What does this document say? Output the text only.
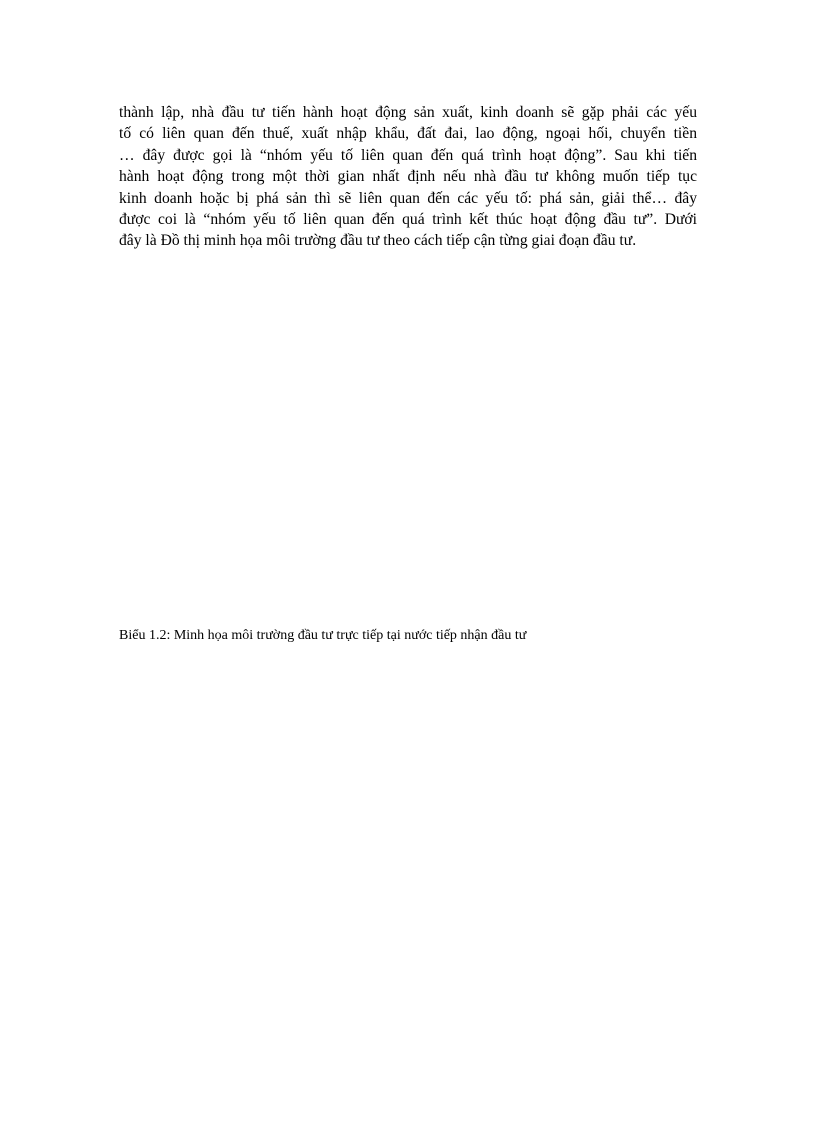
thành lập, nhà đầu tư tiến hành hoạt động sản xuất, kinh doanh sẽ gặp phải các yếu
tố có liên quan đến thuế, xuất nhập khẩu, đất đai, lao động, ngoại hối, chuyển tiền
… đây được gọi là “nhóm yếu tố liên quan đến quá trình hoạt động”. Sau khi tiến
hành hoạt động trong một thời gian nhất định nếu nhà đầu tư không muốn tiếp tục
kinh doanh hoặc bị phá sản thì sẽ liên quan đến các yếu tố: phá sản, giải thể… đây
được coi là “nhóm yếu tố liên quan đến quá trình kết thúc hoạt động đầu tư”. Dưới
đây là Đồ thị minh họa môi trường đầu tư theo cách tiếp cận từng giai đoạn đầu tư.
Biểu 1.2: Minh họa môi trường đầu tư trực tiếp tại nước tiếp nhận đầu tư
